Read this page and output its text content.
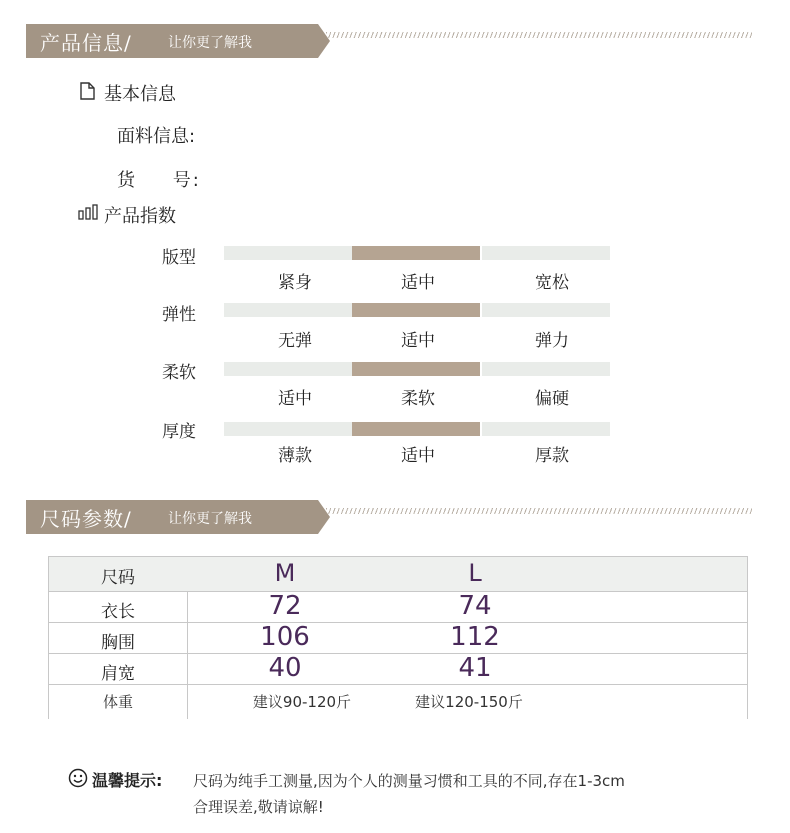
产品信息/	让你更了解我
基本信息
面料信息:
货 号:
产品指数
版型
紧身	适中	宽松
弹性
无弹	适中	弹力
柔软
适中	柔软	偏硬
厚度
薄款	适中	厚款
尺码参数/	让你更了解我
尺码	M	L
衣长	72	74
胸围	106	112
肩宽	40	41
体重	建议90-120斤	建议120-150斤
温馨提示: 尺码为纯手工测量,因为个人的测量习惯和工具的不同,存在1-3cm
合理误差,敬请谅解!
